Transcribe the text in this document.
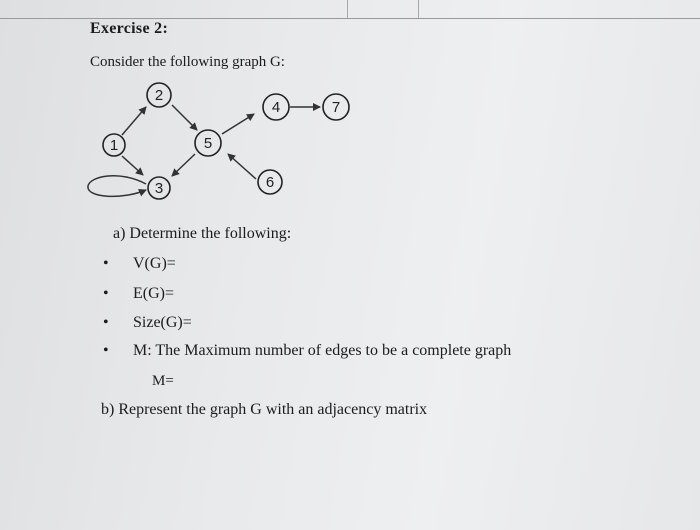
Exercise 2:
Consider the following graph G:
1
2
3
4
5
6
7
a) Determine the following:
• V(G)=
• E(G)=
• Size(G)=
• M: The Maximum number of edges to be a complete graph
M=
b) Represent the graph G with an adjacency matrix
